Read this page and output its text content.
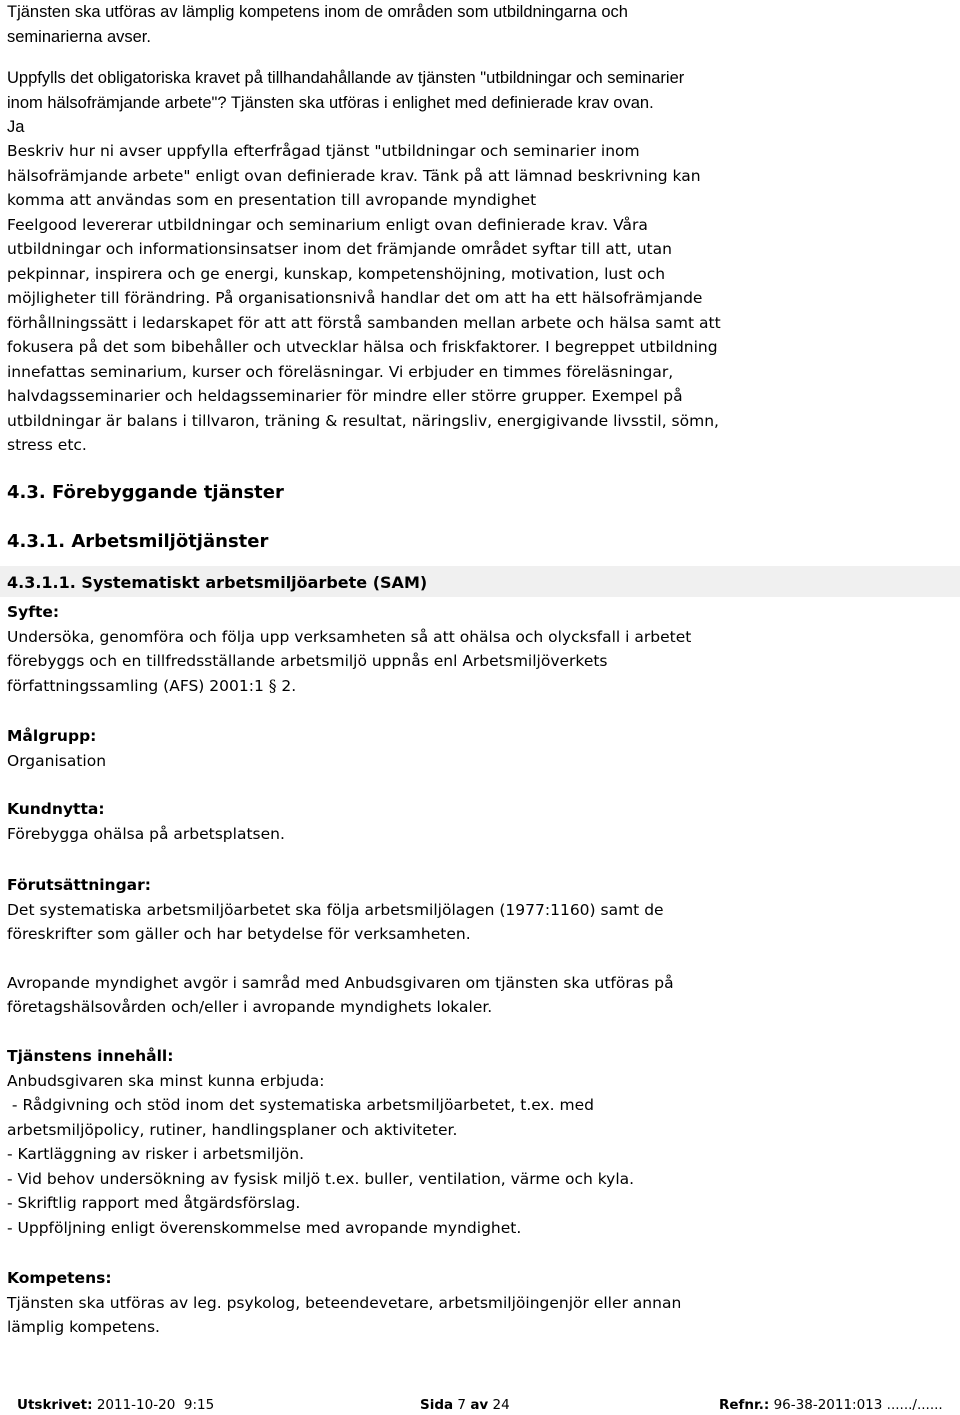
Tjänsten ska utföras av lämplig kompetens inom de områden som utbildningarna och
seminarierna avser.
Uppfylls det obligatoriska kravet på tillhandahållande av tjänsten "utbildningar och seminarier
inom hälsofrämjande arbete"? Tjänsten ska utföras i enlighet med definierade krav ovan.
Ja
Beskriv hur ni avser uppfylla efterfrågad tjänst "utbildningar och seminarier inom
hälsofrämjande arbete" enligt ovan definierade krav. Tänk på att lämnad beskrivning kan
komma att användas som en presentation till avropande myndighet
Feelgood levererar utbildningar och seminarium enligt ovan definierade krav. Våra
utbildningar och informationsinsatser inom det främjande området syftar till att, utan
pekpinnar, inspirera och ge energi, kunskap, kompetenshöjning, motivation, lust och
möjligheter till förändring. På organisationsnivå handlar det om att ha ett hälsofrämjande
förhållningssätt i ledarskapet för att att förstå sambanden mellan arbete och hälsa samt att
fokusera på det som bibehåller och utvecklar hälsa och friskfaktorer. I begreppet utbildning
innefattas seminarium, kurser och föreläsningar. Vi erbjuder en timmes föreläsningar,
halvdagsseminarier och heldagsseminarier för mindre eller större grupper. Exempel på
utbildningar är balans i tillvaron, träning & resultat, näringsliv, energigivande livsstil, sömn,
stress etc.
4.3. Förebyggande tjänster
4.3.1. Arbetsmiljötjänster
4.3.1.1. Systematiskt arbetsmiljöarbete (SAM)
Syfte:
Undersöka, genomföra och följa upp verksamheten så att ohälsa och olycksfall i arbetet
förebyggs och en tillfredsställande arbetsmiljö uppnås enl Arbetsmiljöverkets
författningssamling (AFS) 2001:1 § 2.
Målgrupp:
Organisation
Kundnytta:
Förebygga ohälsa på arbetsplatsen.
Förutsättningar:
Det systematiska arbetsmiljöarbetet ska följa arbetsmiljölagen (1977:1160) samt de
föreskrifter som gäller och har betydelse för verksamheten.
Avropande myndighet avgör i samråd med Anbudsgivaren om tjänsten ska utföras på
företagshälsovården och/eller i avropande myndighets lokaler.
Tjänstens innehåll:
Anbudsgivaren ska minst kunna erbjuda:
- Rådgivning och stöd inom det systematiska arbetsmiljöarbetet, t.ex. med
arbetsmiljöpolicy, rutiner, handlingsplaner och aktiviteter.
- Kartläggning av risker i arbetsmiljön.
- Vid behov undersökning av fysisk miljö t.ex. buller, ventilation, värme och kyla.
- Skriftlig rapport med åtgärdsförslag.
- Uppföljning enligt överenskommelse med avropande myndighet.
Kompetens:
Tjänsten ska utföras av leg. psykolog, beteendevetare, arbetsmiljöingenjör eller annan
lämplig kompetens.
Utskrivet: 2011-10-20  9:15	Sida 7 av 24	Refnr.: 96-38-2011:013 ....../......
